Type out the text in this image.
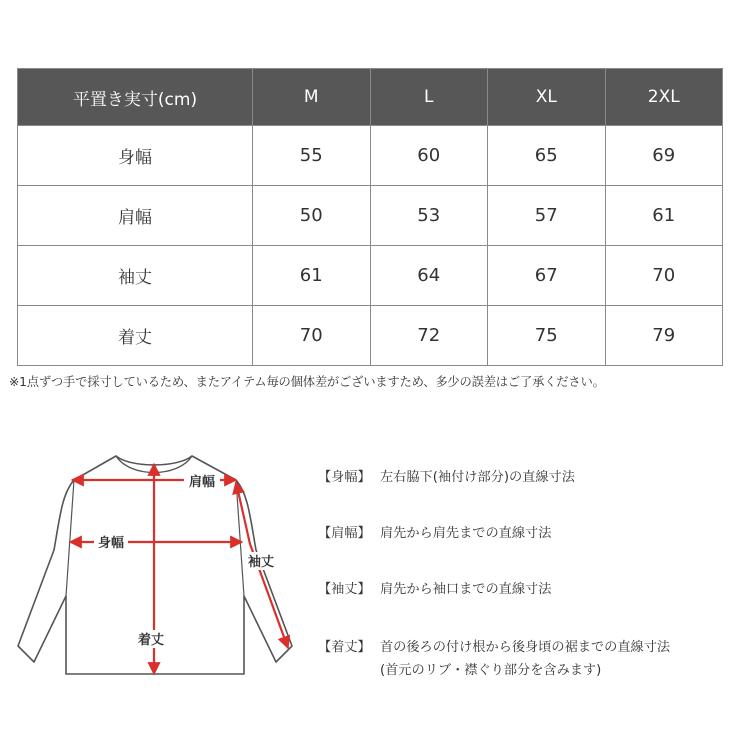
平置き実寸(cm)	M	L	XL	2XL
身幅	55	60	65	69
肩幅	50	53	57	61
袖丈	61	64	67	70
着丈	70	72	75	79
※1点ずつ手で採寸しているため、またアイテム毎の個体差がございますため、多少の誤差はご了承ください。
肩幅
身幅
袖丈
着丈
【身幅】 左右脇下(袖付け部分)の直線寸法
【肩幅】 肩先から肩先までの直線寸法
【袖丈】 肩先から袖口までの直線寸法
【着丈】 首の後ろの付け根から後身頃の裾までの直線寸法
(首元のリブ・襟ぐり部分を含みます)
